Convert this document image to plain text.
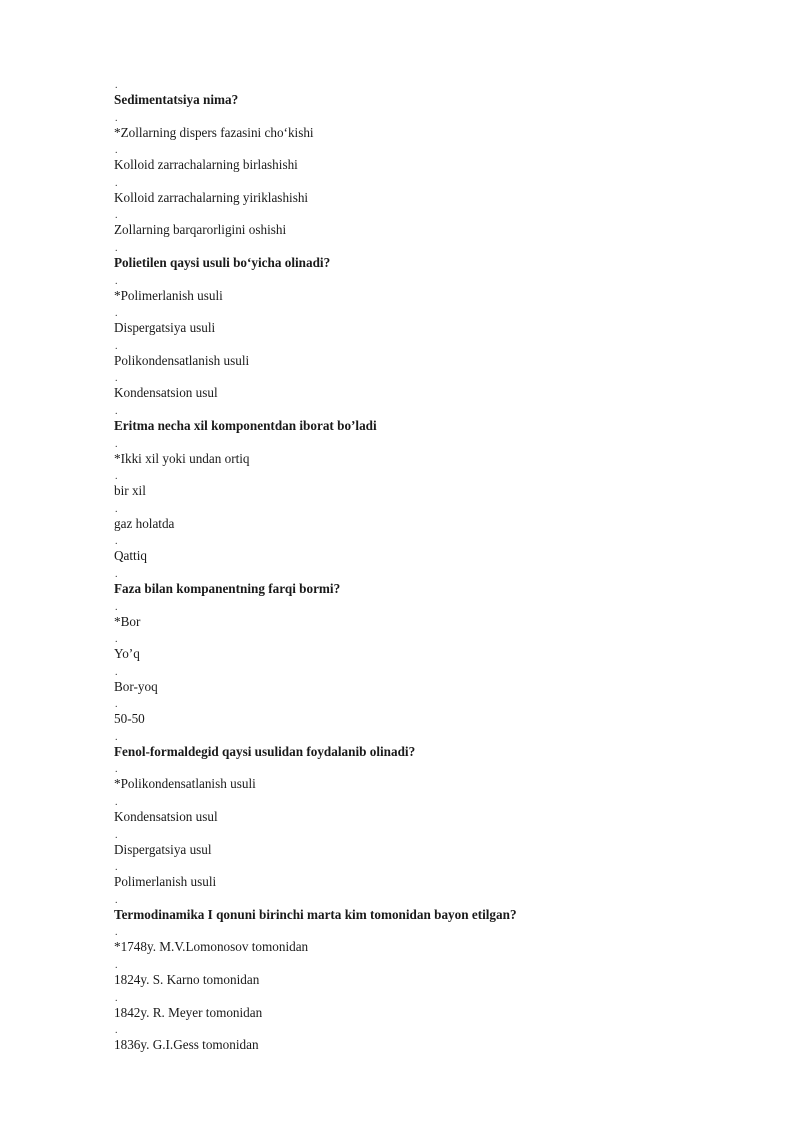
.
Sedimentatsiya nima?
.
*Zollarning dispers fazasini cho‘kishi
.
Kolloid zarrachalarning birlashishi
.
Kolloid zarrachalarning yiriklashishi
.
Zollarning barqarorligini oshishi
.
Polietilen qaysi usuli bo‘yicha olinadi?
.
*Polimerlanish usuli
.
Dispergatsiya usuli
.
Polikondensatlanish usuli
.
Kondensatsion usul
.
Eritma necha xil komponentdan iborat bo’ladi
.
*Ikki xil yoki undan ortiq
.
bir xil
.
gaz holatda
.
Qattiq
.
Faza bilan kompanentning farqi bormi?
.
*Bor
.
Yo’q
.
Bor-yoq
.
50-50
.
Fenol-formaldegid qaysi usulidan foydalanib olinadi?
.
*Polikondensatlanish usuli
.
Kondensatsion usul
.
Dispergatsiya usul
.
Polimerlanish usuli
.
Termodinamika I qonuni birinchi marta kim tomonidan bayon etilgan?
.
*1748y. M.V.Lomonosov tomonidan
.
1824y. S. Karno tomonidan
.
1842y. R. Meyer tomonidan
.
1836y. G.I.Gess tomonidan
